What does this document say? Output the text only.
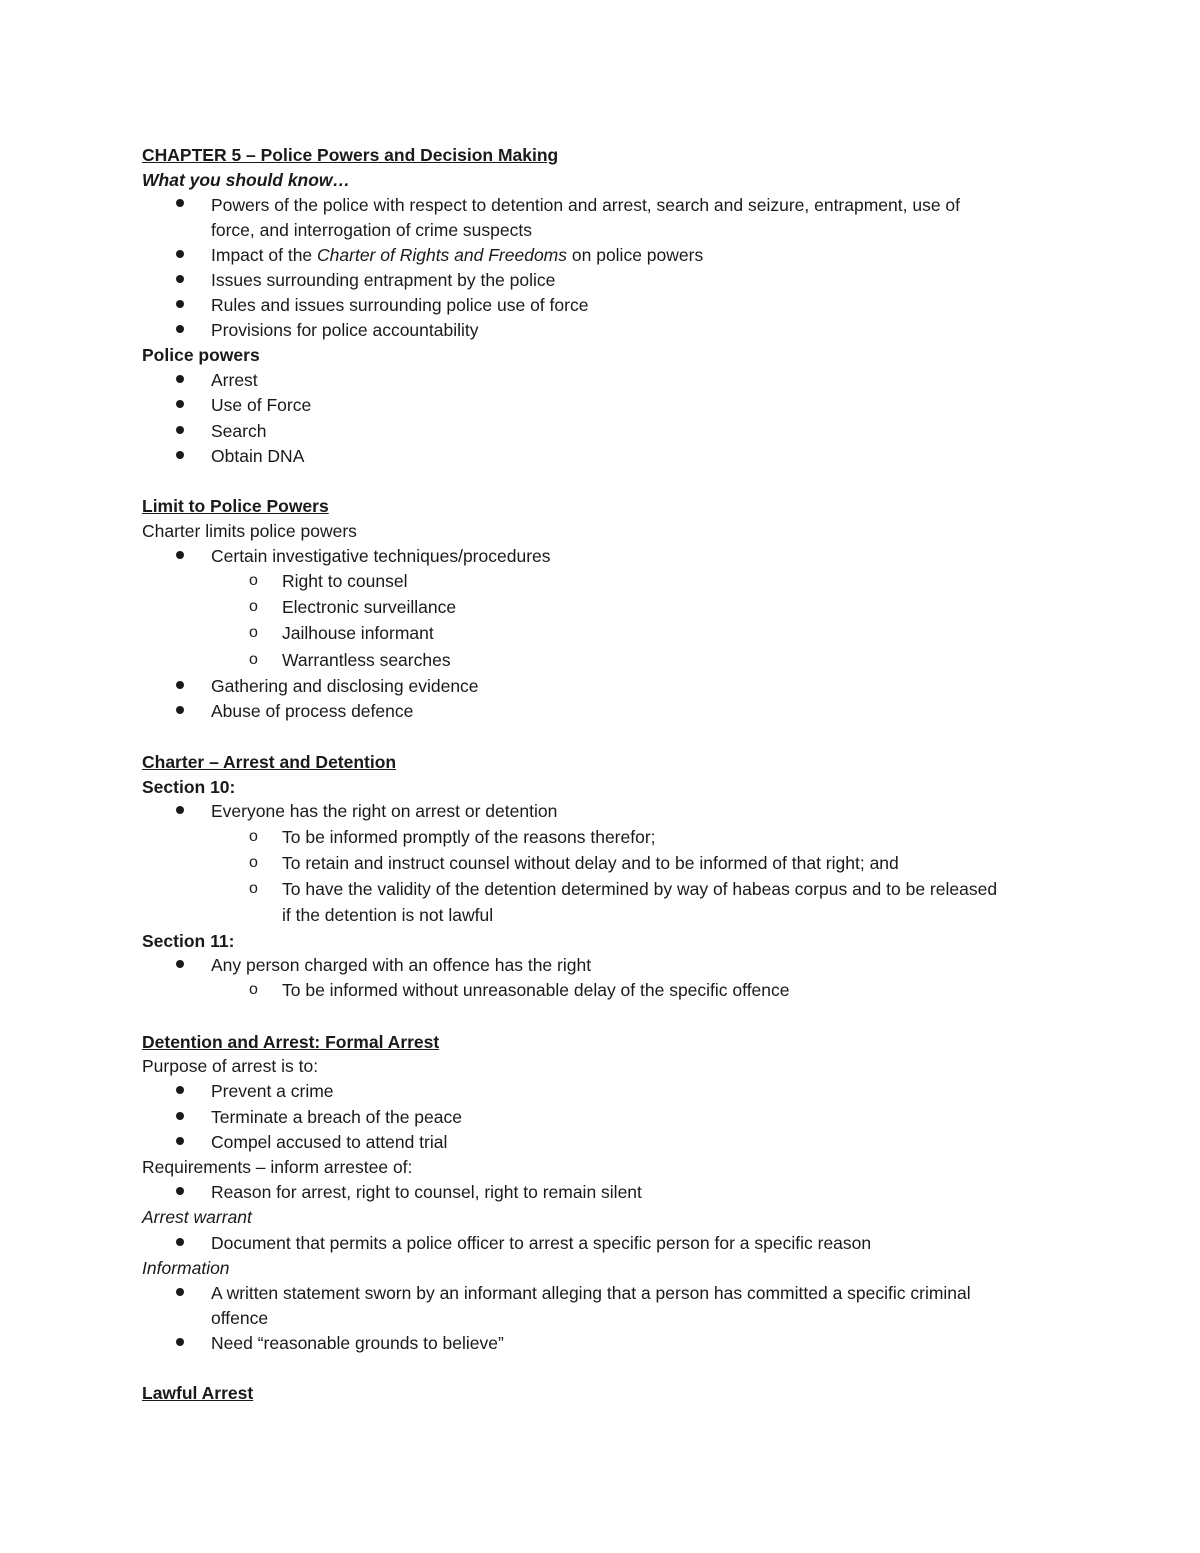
CHAPTER 5 – Police Powers and Decision Making
What you should know…
Powers of the police with respect to detention and arrest, search and seizure, entrapment, use of
force, and interrogation of crime suspects
Impact of the Charter of Rights and Freedoms on police powers
Issues surrounding entrapment by the police
Rules and issues surrounding police use of force
Provisions for police accountability
Police powers
Arrest
Use of Force
Search
Obtain DNA
Limit to Police Powers
Charter limits police powers
Certain investigative techniques/procedures
o Right to counsel
o Electronic surveillance
o Jailhouse informant
o Warrantless searches
Gathering and disclosing evidence
Abuse of process defence
Charter – Arrest and Detention
Section 10:
Everyone has the right on arrest or detention
o To be informed promptly of the reasons therefor;
o To retain and instruct counsel without delay and to be informed of that right; and
o To have the validity of the detention determined by way of habeas corpus and to be released
if the detention is not lawful
Section 11:
Any person charged with an offence has the right
o To be informed without unreasonable delay of the specific offence
Detention and Arrest: Formal Arrest
Purpose of arrest is to:
Prevent a crime
Terminate a breach of the peace
Compel accused to attend trial
Requirements – inform arrestee of:
Reason for arrest, right to counsel, right to remain silent
Arrest warrant
Document that permits a police officer to arrest a specific person for a specific reason
Information
A written statement sworn by an informant alleging that a person has committed a specific criminal
offence
Need “reasonable grounds to believe”
Lawful Arrest
